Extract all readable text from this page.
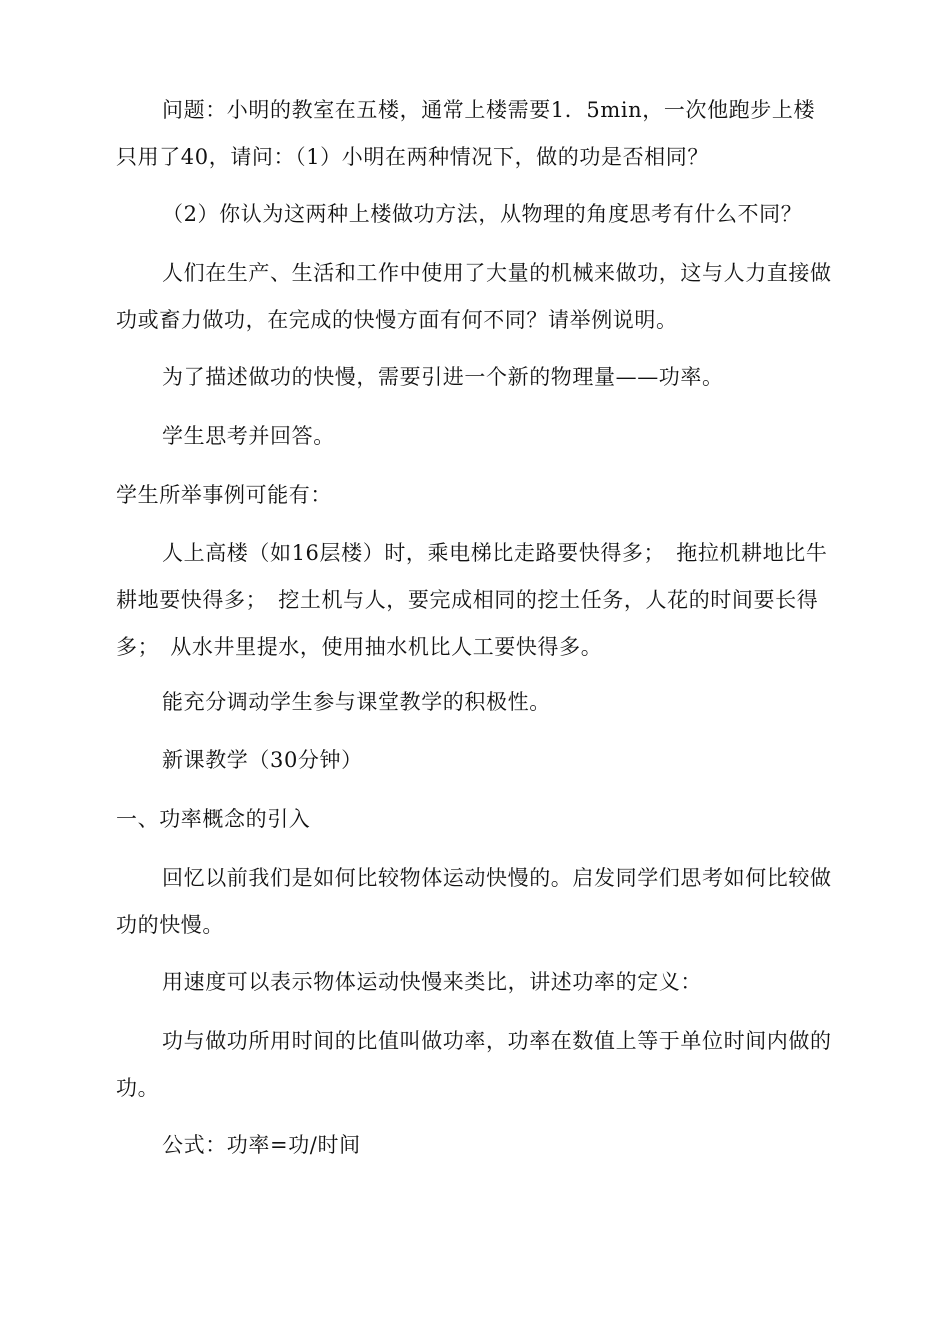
问题：小明的教室在五楼，通常上楼需要1．5min，一次他跑步上楼只用了40，请问：（1）小明在两种情况下，做的功是否相同？

（2）你认为这两种上楼做功方法，从物理的角度思考有什么不同？

人们在生产、生活和工作中使用了大量的机械来做功，这与人力直接做功或畜力做功，在完成的快慢方面有何不同？请举例说明。

为了描述做功的快慢，需要引进一个新的物理量——功率。

学生思考并回答。

学生所举事例可能有：

人上高楼（如16层楼）时，乘电梯比走路要快得多；　拖拉机耕地比牛耕地要快得多；　挖土机与人，要完成相同的挖土任务，人花的时间要长得多；　从水井里提水，使用抽水机比人工要快得多。

能充分调动学生参与课堂教学的积极性。

新课教学（30分钟）

一、功率概念的引入

回忆以前我们是如何比较物体运动快慢的。启发同学们思考如何比较做功的快慢。

用速度可以表示物体运动快慢来类比，讲述功率的定义：

功与做功所用时间的比值叫做功率，功率在数值上等于单位时间内做的功。

公式：功率=功/时间
